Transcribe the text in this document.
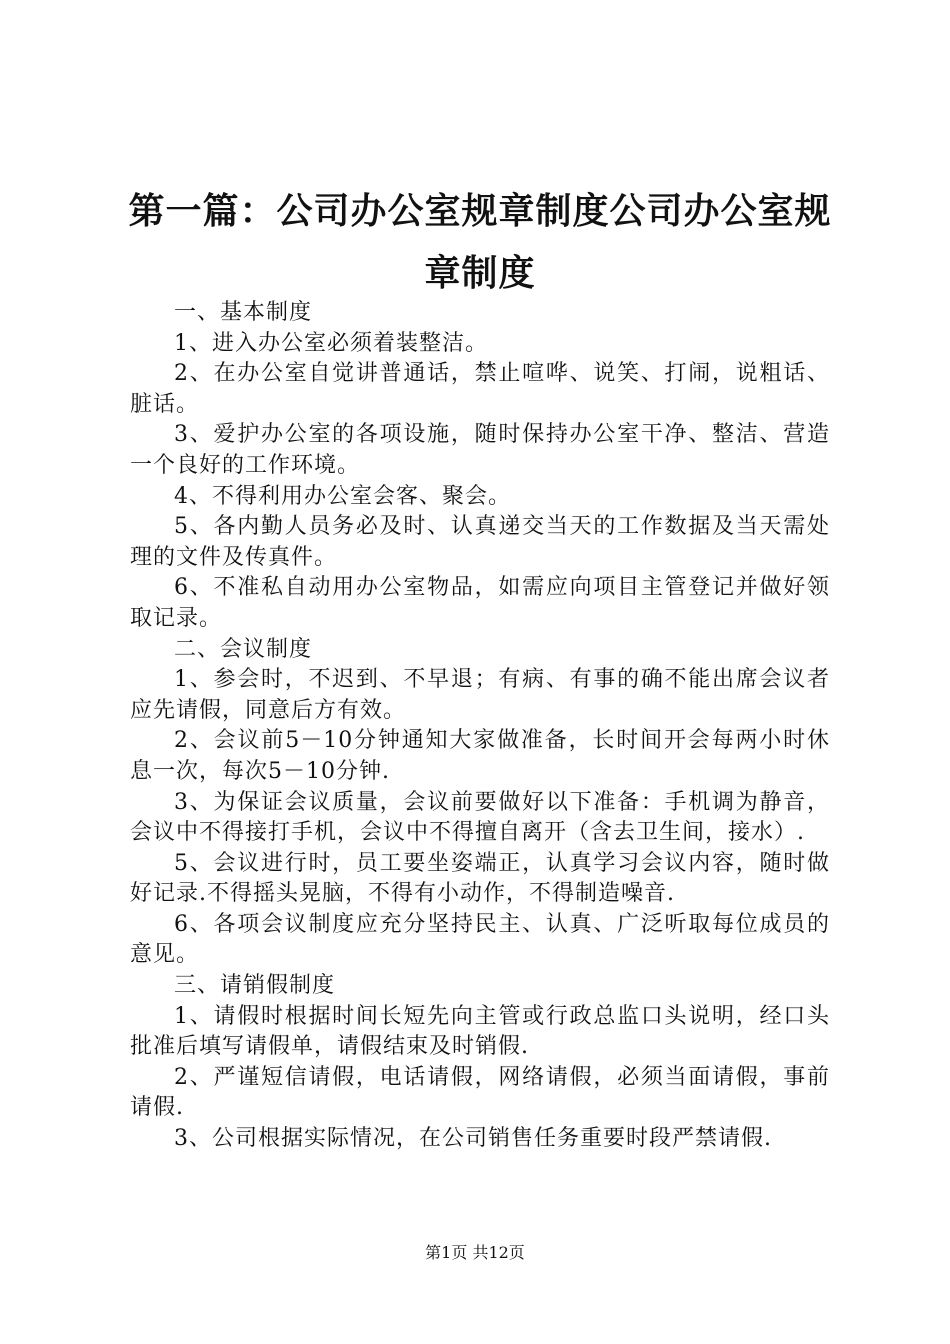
第一篇：公司办公室规章制度公司办公室规章制度

一、基本制度

1、进入办公室必须着装整洁。

2、在办公室自觉讲普通话，禁止喧哗、说笑、打闹，说粗话、脏话。

3、爱护办公室的各项设施，随时保持办公室干净、整洁、营造一个良好的工作环境。

4、不得利用办公室会客、聚会。

5、各内勤人员务必及时、认真递交当天的工作数据及当天需处理的文件及传真件。

6、不准私自动用办公室物品，如需应向项目主管登记并做好领取记录。

二、会议制度

1、参会时，不迟到、不早退；有病、有事的确不能出席会议者应先请假，同意后方有效。

2、会议前5－10分钟通知大家做准备，长时间开会每两小时休息一次，每次5－10分钟.

3、为保证会议质量，会议前要做好以下准备：手机调为静音，会议中不得接打手机，会议中不得擅自离开（含去卫生间，接水）.

5、会议进行时，员工要坐姿端正，认真学习会议内容，随时做好记录.不得摇头晃脑，不得有小动作，不得制造噪音.

6、各项会议制度应充分坚持民主、认真、广泛听取每位成员的意见。

三、请销假制度

1、请假时根据时间长短先向主管或行政总监口头说明，经口头批准后填写请假单，请假结束及时销假.

2、严谨短信请假，电话请假，网络请假，必须当面请假，事前请假.

3、公司根据实际情况，在公司销售任务重要时段严禁请假.

第1页 共12页
